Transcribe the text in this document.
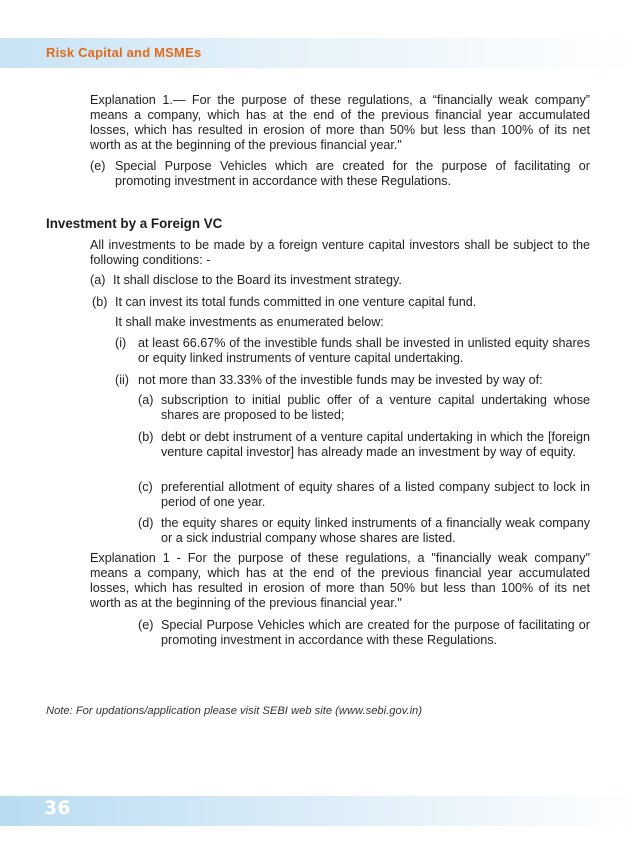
Risk Capital and MSMEs
Explanation 1.— For the purpose of these regulations, a “financially weak company” means a company, which has at the end of the previous financial year accumulated losses, which has resulted in erosion of more than 50% but less than 100% of its net worth as at the beginning of the previous financial year."
(e) Special Purpose Vehicles which are created for the purpose of facilitating or promoting investment in accordance with these Regulations.
Investment by a Foreign VC
All investments to be made by a foreign venture capital investors shall be subject to the following conditions: -
(a) It shall disclose to the Board its investment strategy.
(b) It can invest its total funds committed in one venture capital fund.
It shall make investments as enumerated below:
(i) at least 66.67% of the investible funds shall be invested in unlisted equity shares or equity linked instruments of venture capital undertaking.
(ii) not more than 33.33% of the investible funds may be invested by way of:
(a) subscription to initial public offer of a venture capital undertaking whose shares are proposed to be listed;
(b) debt or debt instrument of a venture capital undertaking in which the [foreign venture capital investor] has already made an investment by way of equity.
(c) preferential allotment of equity shares of a listed company subject to lock in period of one year.
(d) the equity shares or equity linked instruments of a financially weak company or a sick industrial company whose shares are listed.
Explanation 1 - For the purpose of these regulations, a "financially weak company" means a company, which has at the end of the previous financial year accumulated losses, which has resulted in erosion of more than 50% but less than 100% of its net worth as at the beginning of the previous financial year."
(e) Special Purpose Vehicles which are created for the purpose of facilitating or promoting investment in accordance with these Regulations.
Note: For updations/application please visit SEBI web site (www.sebi.gov.in)
36
